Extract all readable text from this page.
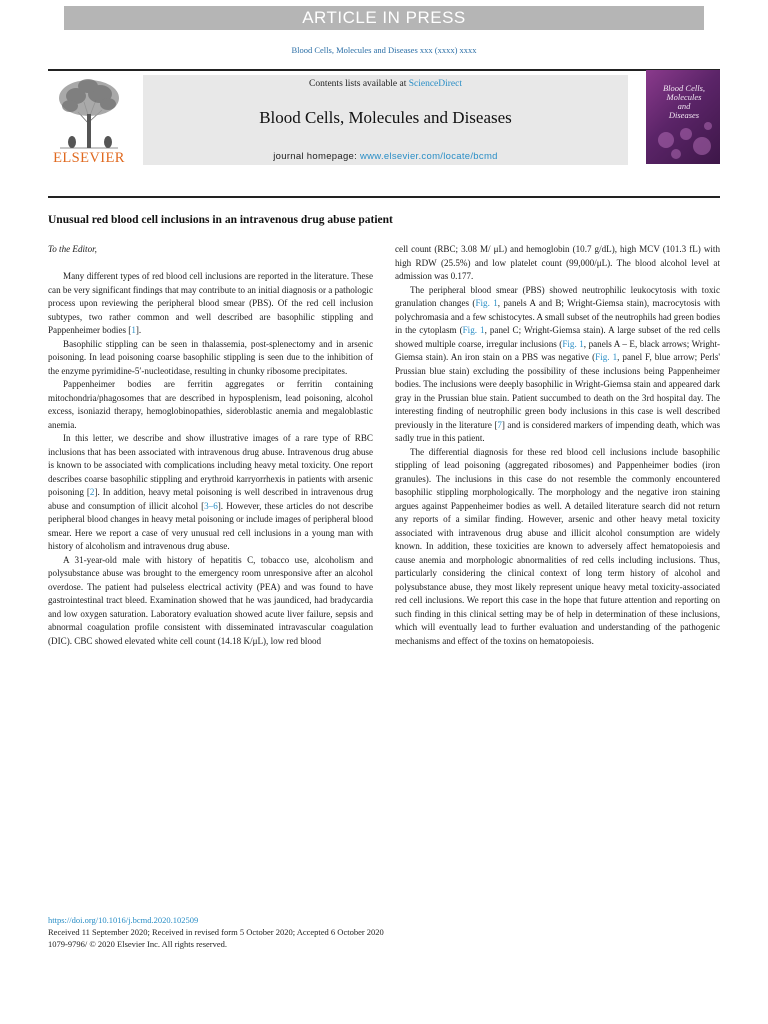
ARTICLE IN PRESS
Blood Cells, Molecules and Diseases xxx (xxxx) xxxx
ELSEVIER
Contents lists available at ScienceDirect
Blood Cells, Molecules and Diseases
journal homepage: www.elsevier.com/locate/bcmd
Blood Cells,
Molecules
and
Diseases
Unusual red blood cell inclusions in an intravenous drug abuse patient

To the Editor,

Many different types of red blood cell inclusions are reported in the literature. These can be very significant findings that may contribute to an initial diagnosis or a pathologic process upon reviewing the peripheral blood smear (PBS). Of the red cell inclusion subtypes, two rather common and well described are basophilic stippling and Pappenheimer bodies [1].

Basophilic stippling can be seen in thalassemia, post-splenectomy and in arsenic poisoning. In lead poisoning coarse basophilic stippling is seen due to the inhibition of the enzyme pyrimidine-5′-nucleotidase, resulting in chunky ribosome precipitates.

Pappenheimer bodies are ferritin aggregates or ferritin containing mitochondria/phagosomes that are described in hyposplenism, lead poisoning, alcohol excess, isoniazid therapy, hemoglobinopathies, sideroblastic anemia and megaloblastic anemia.

In this letter, we describe and show illustrative images of a rare type of RBC inclusions that has been associated with intravenous drug abuse. Intravenous drug abuse is known to be associated with complications including heavy metal toxicity. One report describes coarse basophilic stippling and erythroid karryorrhexis in patients with arsenic poisoning [2]. In addition, heavy metal poisoning is well described in intravenous drug abuse and consumption of illicit alcohol [3–6]. However, these articles do not describe peripheral blood changes in heavy metal poisoning or include images of peripheral blood smear. Here we report a case of very unusual red cell inclusions in a young man with history of alcoholism and intravenous drug abuse.

A 31-year-old male with history of hepatitis C, tobacco use, alcoholism and polysubstance abuse was brought to the emergency room unresponsive after an alcohol overdose. The patient had pulseless electrical activity (PEA) and was found to have gastrointestinal tract bleed. Examination showed that he was jaundiced, had bradycardia and low oxygen saturation. Laboratory evaluation showed acute liver failure, sepsis and abnormal coagulation profile consistent with disseminated intravascular coagulation (DIC). CBC showed elevated white cell count (14.18 K/μL), low red blood

cell count (RBC; 3.08 M/ μL) and hemoglobin (10.7 g/dL), high MCV (101.3 fL) with high RDW (25.5%) and low platelet count (99,000/μL). The blood alcohol level at admission was 0.177.

The peripheral blood smear (PBS) showed neutrophilic leukocytosis with toxic granulation changes (Fig. 1, panels A and B; Wright-Giemsa stain), macrocytosis with polychromasia and a few schistocytes. A small subset of the neutrophils had green bodies in the cytoplasm (Fig. 1, panel C; Wright-Giemsa stain). A large subset of the red cells showed multiple coarse, irregular inclusions (Fig. 1, panels A – E, black arrows; Wright-Giemsa stain). An iron stain on a PBS was negative (Fig. 1, panel F, blue arrow; Perls' Prussian blue stain) excluding the possibility of these inclusions being Pappenheimer bodies. The inclusions were deeply basophilic in Wright-Giemsa stain and appeared dark gray in the Prussian blue stain. Patient succumbed to death on the 3rd hospital day. The interesting finding of neutrophilic green body inclusions in this case is well described previously in the literature [7] and is considered markers of impending death, which was sadly true in this patient.

The differential diagnosis for these red blood cell inclusions include basophilic stippling of lead poisoning (aggregated ribosomes) and Pappenheimer bodies (iron granules). The inclusions in this case do not resemble the commonly encountered basophilic stippling morphologically. The morphology and the negative iron staining argues against Pappenheimer bodies as well. A detailed literature search did not return any reports of a similar finding. However, arsenic and other heavy metal toxicity associated with intravenous drug abuse and illicit alcohol consumption are widely known. In addition, these toxicities are known to adversely affect hematopoiesis and cause anemia and morphologic abnormalities of red cells including inclusions. Thus, particularly considering the clinical context of long term history of alcohol and polysubstance abuse, they most likely represent unique heavy metal toxicity-associated red cell inclusions. We report this case in the hope that future attention and reporting on such finding in this clinical setting may be of help in determination of these inclusions, which will eventually lead to further evaluation and understanding of the pathogenic mechanisms and effect of the toxins on hematopoiesis.

https://doi.org/10.1016/j.bcmd.2020.102509
Received 11 September 2020; Received in revised form 5 October 2020; Accepted 6 October 2020
1079-9796/ © 2020 Elsevier Inc. All rights reserved.
